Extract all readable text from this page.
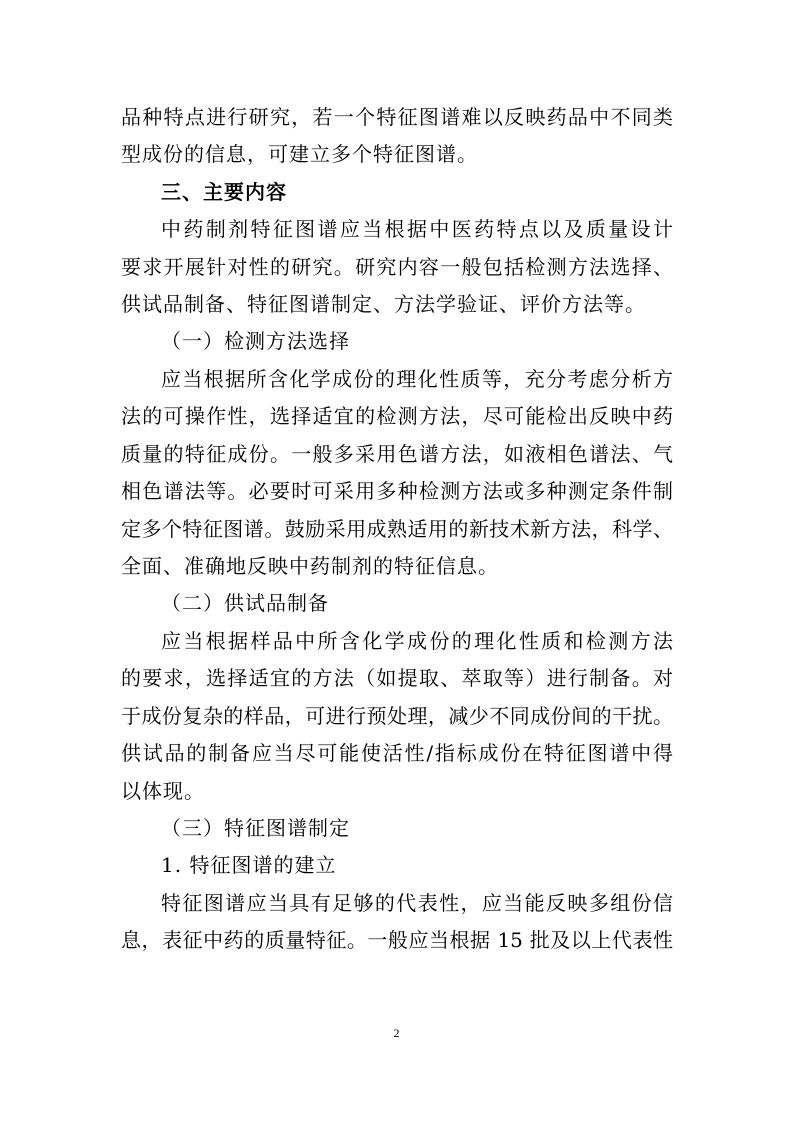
品种特点进行研究，若一个特征图谱难以反映药品中不同类
型成份的信息，可建立多个特征图谱。
三、主要内容
中药制剂特征图谱应当根据中医药特点以及质量设计
要求开展针对性的研究。研究内容一般包括检测方法选择、
供试品制备、特征图谱制定、方法学验证、评价方法等。
（一）检测方法选择
应当根据所含化学成份的理化性质等，充分考虑分析方
法的可操作性，选择适宜的检测方法，尽可能检出反映中药
质量的特征成份。一般多采用色谱方法，如液相色谱法、气
相色谱法等。必要时可采用多种检测方法或多种测定条件制
定多个特征图谱。鼓励采用成熟适用的新技术新方法，科学、
全面、准确地反映中药制剂的特征信息。
（二）供试品制备
应当根据样品中所含化学成份的理化性质和检测方法
的要求，选择适宜的方法（如提取、萃取等）进行制备。对
于成份复杂的样品，可进行预处理，减少不同成份间的干扰。
供试品的制备应当尽可能使活性/指标成份在特征图谱中得
以体现。
（三）特征图谱制定
1. 特征图谱的建立
特征图谱应当具有足够的代表性，应当能反映多组份信
息，表征中药的质量特征。一般应当根据 15 批及以上代表性
2
